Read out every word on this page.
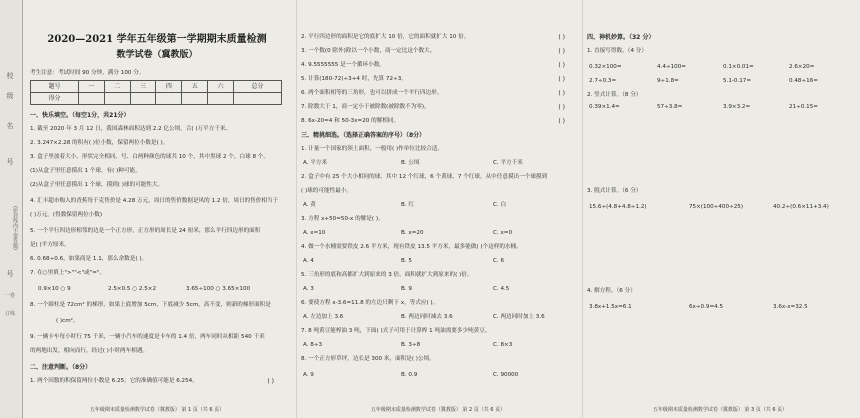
校
级
名
号
(密封线内不要答题)
号
一卷
订线
2020—2021 学年五年级第一学期期末质量检测
数学试卷（冀教版）
考生注意：考试时间 90 分钟，满分 100 分。
题号	一	二	三	四	五	六	总分
得分							
一、快乐填空。（每空1分，共21分）
1. 截至 2020 年 3 月 12 日，我国森林面积达到 2.2 亿公顷，合( )万平方千米。
2. 3.247×2.28 的积有( )位小数，保留两位小数是( )。
3. 盒子里放着大小、形状完全相同、号、白两种颜色的球共 10 个，其中黑球 2 个，白球 8 个。
(1)从盒子里任意摸出 1 个球，有( )种可能。
(2)从盒子里任意摸出 1 个球，摸到( )球的可能性大。
4. 汇丰超市购入的香蕉每千克售价是 4.28 万元，周日的售价数据是风的 1.2 倍，周日的售价相当于
( )万元。(得数保留两位小数)
5. 一个平行四边形相邻的边是一个正方形，正方形的周长是 24 厘米，那么平行四边形的面积
是( )平方厘米。
6. 0.68÷0.6，如果商是 1.1，那么余数是( )。
7. 在○里填上">""<"或"="。
0.9×10 ○ 9	2.5×0.5 ○ 2.5×2	3.65÷100 ○ 3.65×100
8. 一个圆柱是 72cm² 的梯形，如果上底增加 5cm，下底减少 5cm，高不变，则新的梯形面积是
( )cm²。
9. 一辆卡车每小时行 75 千米，一辆小汽车的速度是卡车的 1.4 倍，两车同时从相距 540 千米
的两地出发，相向而行，经过( )小时两车相遇。
二、注意判断。（8分）
1. 两个因数的积保留两位小数是 6.25，它的准确值可能是 6.254。	( )
五年级期末质量检测数学试卷（冀教版） 第 1 页（共 6 页）
2. 平行四边形的面积是它的底扩大 10 倍，它的面积就扩大 10 倍。	( )
3. 一个数(0 除外)除以一个小数，商一定比这个数大。	( )
4. 9.5555555 是一个循环小数。	( )
5. 计算(180-72)÷3+4 时，先算 72÷3。	( )
6. 两个面积相等的三角形，也可以拼成一个平行四边形。	( )
7. 除数大于 1，商一定小于被除数(被除数不为零)。	( )
8. 6x-20=4 和 50-3x=20 的解相同。	( )
三、精挑细选。（选择正确答案的序号）（8分）
1. 计量一个国家的领土面积，一般用( )作单位比较合适。
A. 平方米	B. 公顷	C. 平方千米
2. 盒子中有 25 个大小相同的球，其中 12 个红球，6 个黄球，7 个红球，从中任意摸出一个球摸到
( )球的可能性最小。
A. 黄	B. 红	C. 白
3. 方程 x+50=50-x 的解是( )。
A. x=10	B. x=20	C. x=0
4. 做一个水桶需要铁皮 2.6 平方米，现有铁皮 13.5 平方米，最多能做( )个这样的水桶。
A. 4	B. 5	C. 6
5. 三角形的底和高都扩大到原来的 3 倍，面积就扩大到原来的( )倍。
A. 3	B. 9	C. 4.5
6. 要使方程 x-3.6=11.8 的左边只剩下 x，等式应( )。
A. 左边加上 3.6	B. 两边同时减去 3.6	C. 两边同时加上 3.6
7. 8 吨黄豆能榨油 3 吨，下面( )式子可用于计算榨 1 吨油需要多少吨黄豆。
A. 8÷3	B. 3÷8	C. 8×3
8. 一个正方形草坪，边长是 300 米，面积是( )公顷。
A. 9	B. 0.9	C. 90000
五年级期末质量检测数学试卷（冀教版） 第 2 页（共 6 页）
四、神机妙算。（32 分）
1. 直接写得数。（4 分）
0.32×100=	4.4÷100=	0.1×0.01=	2.6×20=
2.7÷0.3=	9÷1.8=	5.1-0.17=	0.48÷16=
2. 竖式计算。（8 分）
0.39×1.4=	57÷3.8=	3.9×3.2=	21÷0.15=
3. 脱式计算。（6 分）
15.6÷(4.8+4.8÷1.2)	75×(100÷400÷25)	40.2÷(0.6×11+3.4)
4. 解方程。（6 分）
3.8x+1.5x=6.1	6x÷0.9=4.5	3.6x-x=32.5
五年级期末质量检测数学试卷（冀教版） 第 3 页（共 6 页）
